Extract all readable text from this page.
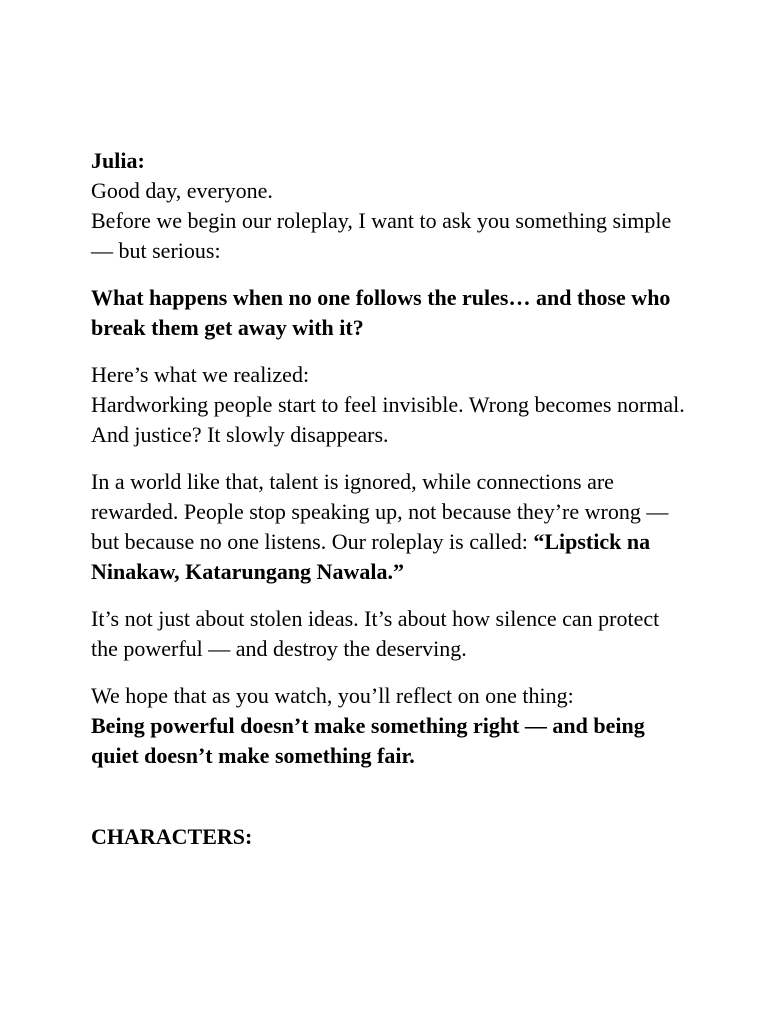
Julia:
Good day, everyone.
Before we begin our roleplay, I want to ask you something simple — but serious:
What happens when no one follows the rules… and those who break them get away with it?
Here’s what we realized:
Hardworking people start to feel invisible. Wrong becomes normal. And justice? It slowly disappears.
In a world like that, talent is ignored, while connections are rewarded. People stop speaking up, not because they’re wrong — but because no one listens. Our roleplay is called: “Lipstick na Ninakaw, Katarungang Nawala.”
It’s not just about stolen ideas. It’s about how silence can protect the powerful — and destroy the deserving.
We hope that as you watch, you’ll reflect on one thing:
Being powerful doesn’t make something right — and being quiet doesn’t make something fair.
CHARACTERS:
